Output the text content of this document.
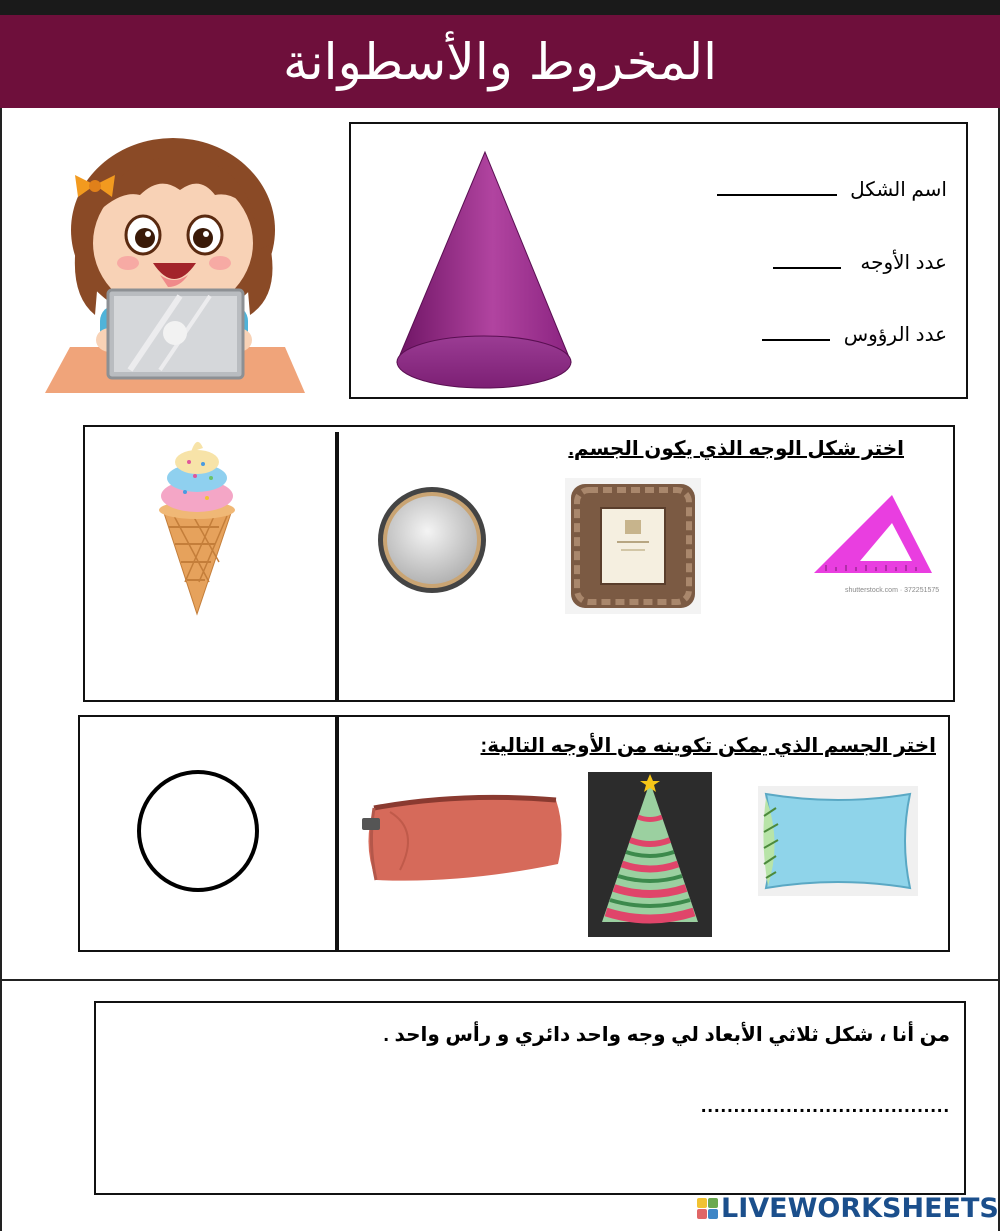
المخروط والأسطوانة
اسم الشكل
عدد الأوجه
عدد الرؤوس
اختر شكل الوجه الذي يكون الجسم.
shutterstock.com · 372251575
اختر الجسم الذي يمكن تكوينه من الأوجه التالية:
من أنا ، شكل ثلاثي الأبعاد لي وجه واحد دائري و رأس واحد .
......................................
LIVEWORKSHEETS
